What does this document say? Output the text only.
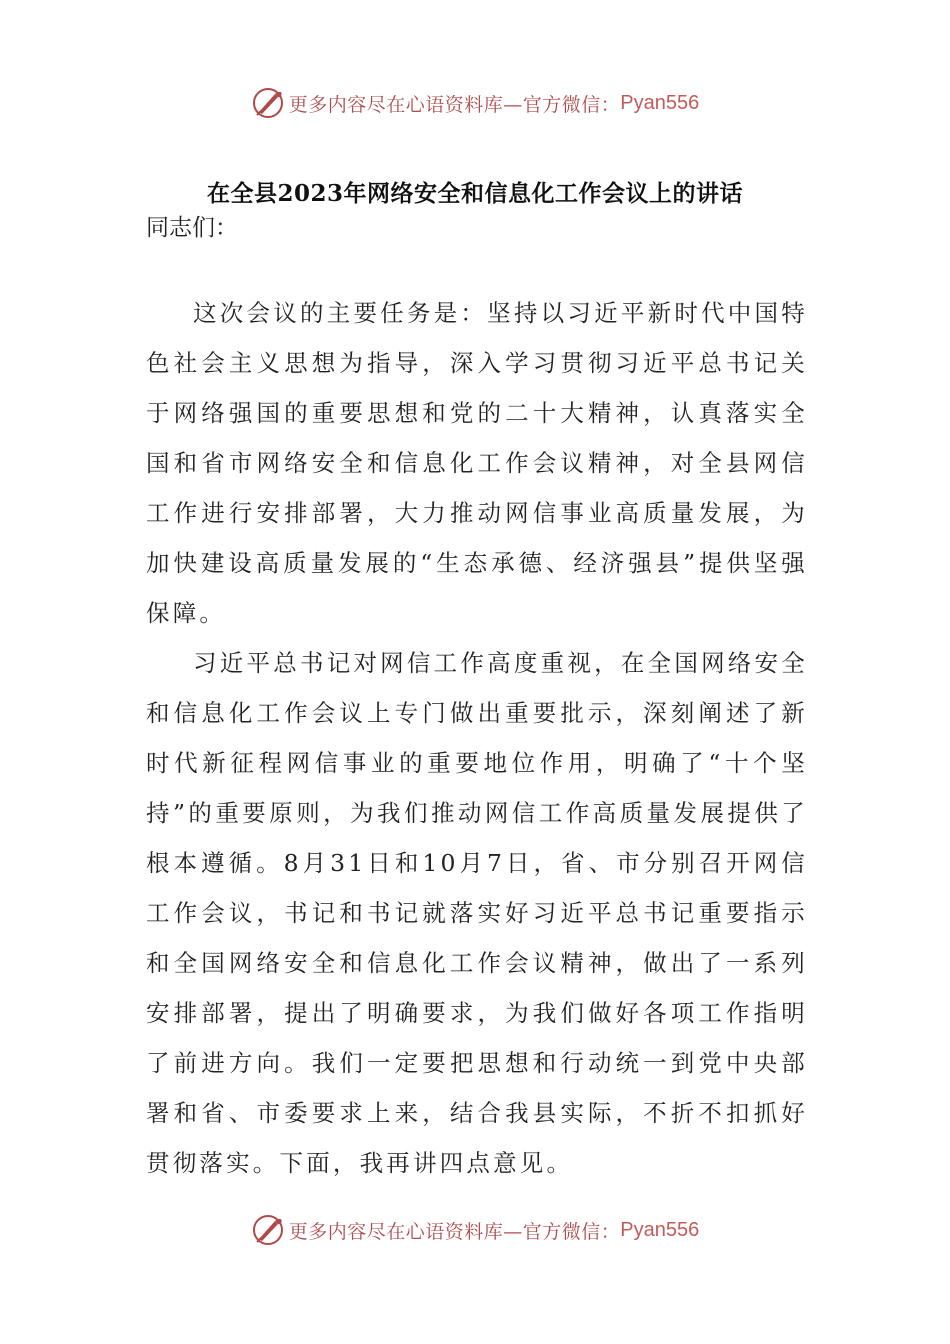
更多内容尽在心语资料库—官方微信： Pyan556
在全县2023年网络安全和信息化工作会议上的讲话

同志们：

这次会议的主要任务是：坚持以习近平新时代中国特色社会主义思想为指导，深入学习贯彻习近平总书记关于网络强国的重要思想和党的二十大精神，认真落实全国和省市网络安全和信息化工作会议精神，对全县网信工作进行安排部署，大力推动网信事业高质量发展，为加快建设高质量发展的“生态承德、经济强县”提供坚强保障。

习近平总书记对网信工作高度重视，在全国网络安全和信息化工作会议上专门做出重要批示，深刻阐述了新时代新征程网信事业的重要地位作用，明确了“十个坚持”的重要原则，为我们推动网信工作高质量发展提供了根本遵循。8月31日和10月7日，省、市分别召开网信工作会议，书记和书记就落实好习近平总书记重要指示和全国网络安全和信息化工作会议精神，做出了一系列安排部署，提出了明确要求，为我们做好各项工作指明了前进方向。我们一定要把思想和行动统一到党中央部署和省、市委要求上来，结合我县实际，不折不扣抓好贯彻落实。下面，我再讲四点意见。

更多内容尽在心语资料库—官方微信： Pyan556
